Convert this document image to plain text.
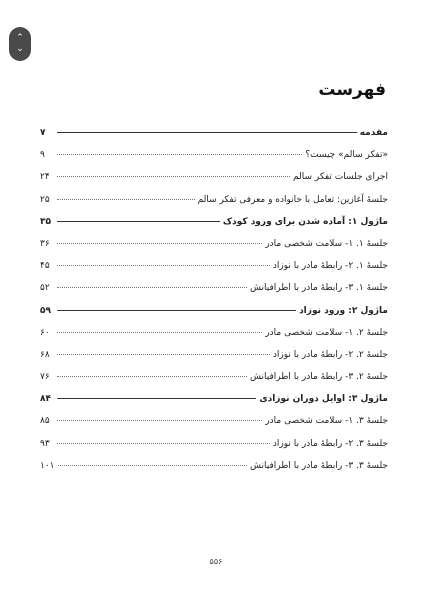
⌃
⌄
فهرست
مقدمه
۷
«تفکر سالم» چیست؟
۹
اجرای جلسات تفکر سالم
۲۴
جلسهٔ آغازین: تعامل با خانواده و معرفی تفکر سالم
۲۵
ماژول ۱: آماده شدن برای ورود کودک
۳۵
جلسهٔ ۱. ۱- سلامت شخصی مادر
۳۶
جلسهٔ ۱. ۲- رابطهٔ مادر با نوزاد
۴۵
جلسهٔ ۱. ۳- رابطهٔ مادر با اطرافیانش
۵۲
ماژول ۲: ورود نوزاد
۵۹
جلسهٔ ۲. ۱- سلامت شخصی مادر
۶۰
جلسهٔ ۲. ۲- رابطهٔ مادر با نوزاد
۶۸
جلسهٔ ۲. ۳- رابطهٔ مادر با اطرافیانش
۷۶
ماژول ۳: اوایل دوران نوزادی
۸۴
جلسهٔ ۳. ۱- سلامت شخصی مادر
۸۵
جلسهٔ ۳. ۲- رابطهٔ مادر با نوزاد
۹۳
جلسهٔ ۳. ۳- رابطهٔ مادر با اطرافیانش
۱۰۱
۵۵۶
